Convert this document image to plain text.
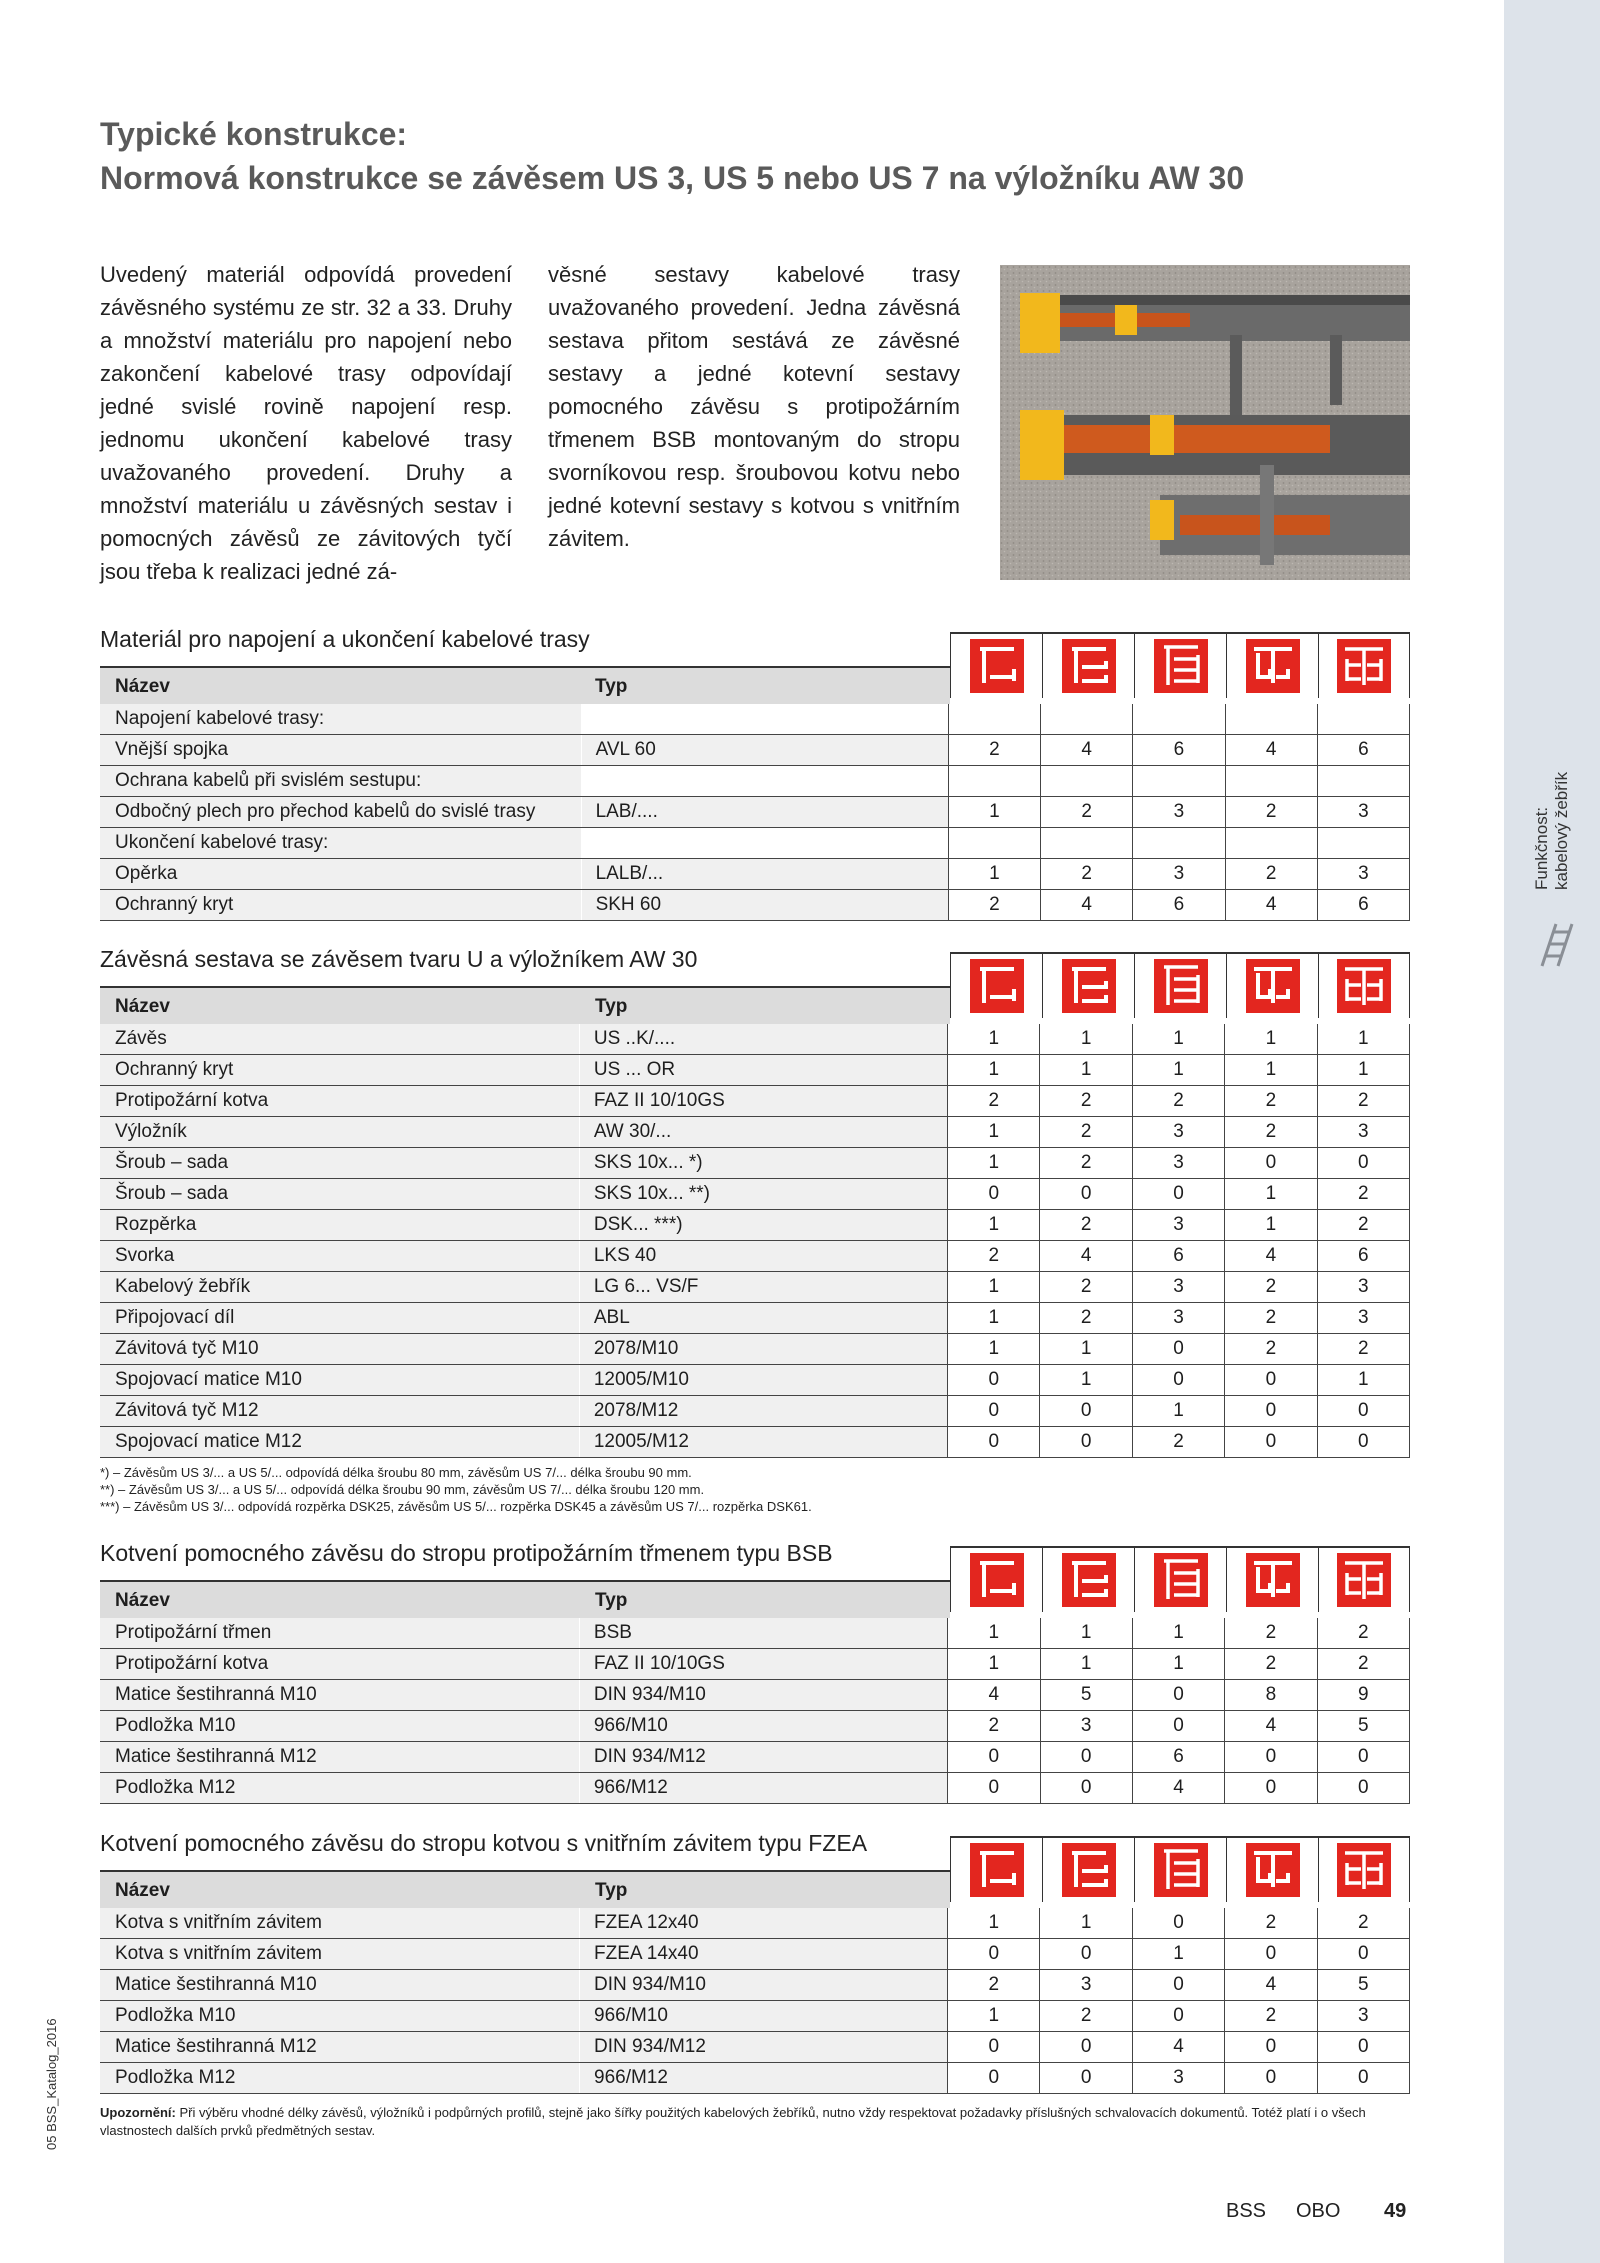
Funkčnost: kabelový žebřík
05 BSS_Katalog_2016
Typické konstrukce:
Normová konstrukce se závěsem US 3, US 5 nebo US 7 na výložníku AW 30

Uvedený materiál odpovídá provedení závěsného systému ze str. 32 a 33. Druhy a množství materiálu pro napojení nebo zakončení kabelové trasy odpovídají jedné svislé rovině napojení resp. jednomu ukončení kabelové trasy uvažovaného provedení. Druhy a množství materiálu u závěsných sestav i pomocných závěsů ze závitových tyčí jsou třeba k realizaci jedné zá-

věsné sestavy kabelové trasy uvažovaného provedení. Jedna závěsná sestava přitom sestává ze závěsné sestavy a jedné kotevní sestavy pomocného závěsu s protipožárním třmenem BSB montovaným do stropu svorníkovou resp. šroubovou kotvu nebo jedné kotevní sestavy s kotvou s vnitřním závitem.

Materiál pro napojení a ukončení kabelové trasy
Název	Typ
Napojení kabelové trasy:						
Vnější spojka	AVL 60	2	4	6	4	6
Ochrana kabelů při svislém sestupu:						
Odbočný plech pro přechod kabelů do svislé trasy	LAB/....	1	2	3	2	3
Ukončení kabelové trasy:						
Opěrka	LALB/...	1	2	3	2	3
Ochranný kryt	SKH 60	2	4	6	4	6
Závěsná sestava se závěsem tvaru U a výložníkem AW 30
Název	Typ
Závěs	US ..K/....	1	1	1	1	1
Ochranný kryt	US ... OR	1	1	1	1	1
Protipožární kotva	FAZ II 10/10GS	2	2	2	2	2
Výložník	AW 30/...	1	2	3	2	3
Šroub – sada	SKS 10x... *)	1	2	3	0	0
Šroub – sada	SKS 10x... **)	0	0	0	1	2
Rozpěrka	DSK... ***)	1	2	3	1	2
Svorka	LKS 40	2	4	6	4	6
Kabelový žebřík	LG 6... VS/F	1	2	3	2	3
Připojovací díl	ABL	1	2	3	2	3
Závitová tyč M10	2078/M10	1	1	0	2	2
Spojovací matice M10	12005/M10	0	1	0	0	1
Závitová tyč M12	2078/M12	0	0	1	0	0
Spojovací matice M12	12005/M12	0	0	2	0	0
Kotvení pomocného závěsu do stropu protipožárním třmenem typu BSB
Název	Typ
Protipožární třmen	BSB	1	1	1	2	2
Protipožární kotva	FAZ II 10/10GS	1	1	1	2	2
Matice šestihranná M10	DIN 934/M10	4	5	0	8	9
Podložka M10	966/M10	2	3	0	4	5
Matice šestihranná M12	DIN 934/M12	0	0	6	0	0
Podložka M12	966/M12	0	0	4	0	0
Kotvení pomocného závěsu do stropu kotvou s vnitřním závitem typu FZEA
Název	Typ
Kotva s vnitřním závitem	FZEA 12x40	1	1	0	2	2
Kotva s vnitřním závitem	FZEA 14x40	0	0	1	0	0
Matice šestihranná M10	DIN 934/M10	2	3	0	4	5
Podložka M10	966/M10	1	2	0	2	3
Matice šestihranná M12	DIN 934/M12	0	0	4	0	0
Podložka M12	966/M12	0	0	3	0	0
*) – Závěsům US 3/... a US 5/... odpovídá délka šroubu 80 mm, závěsům US 7/... délka šroubu 90 mm.
**) – Závěsům US 3/... a US 5/... odpovídá délka šroubu 90 mm, závěsům US 7/... délka šroubu 120 mm.
***) – Závěsům US 3/... odpovídá rozpěrka DSK25, závěsům US 5/... rozpěrka DSK45 a závěsům US 7/... rozpěrka DSK61.
Upozornění: Při výběru vhodné délky závěsů, výložníků i podpůrných profilů, stejně jako šířky použitých kabelových žebříků, nutno vždy respektovat požadavky příslušných schvalovacích dokumentů. Totéž platí i o všech vlastnostech dalších prvků předmětných sestav.
BSS OBO 49
